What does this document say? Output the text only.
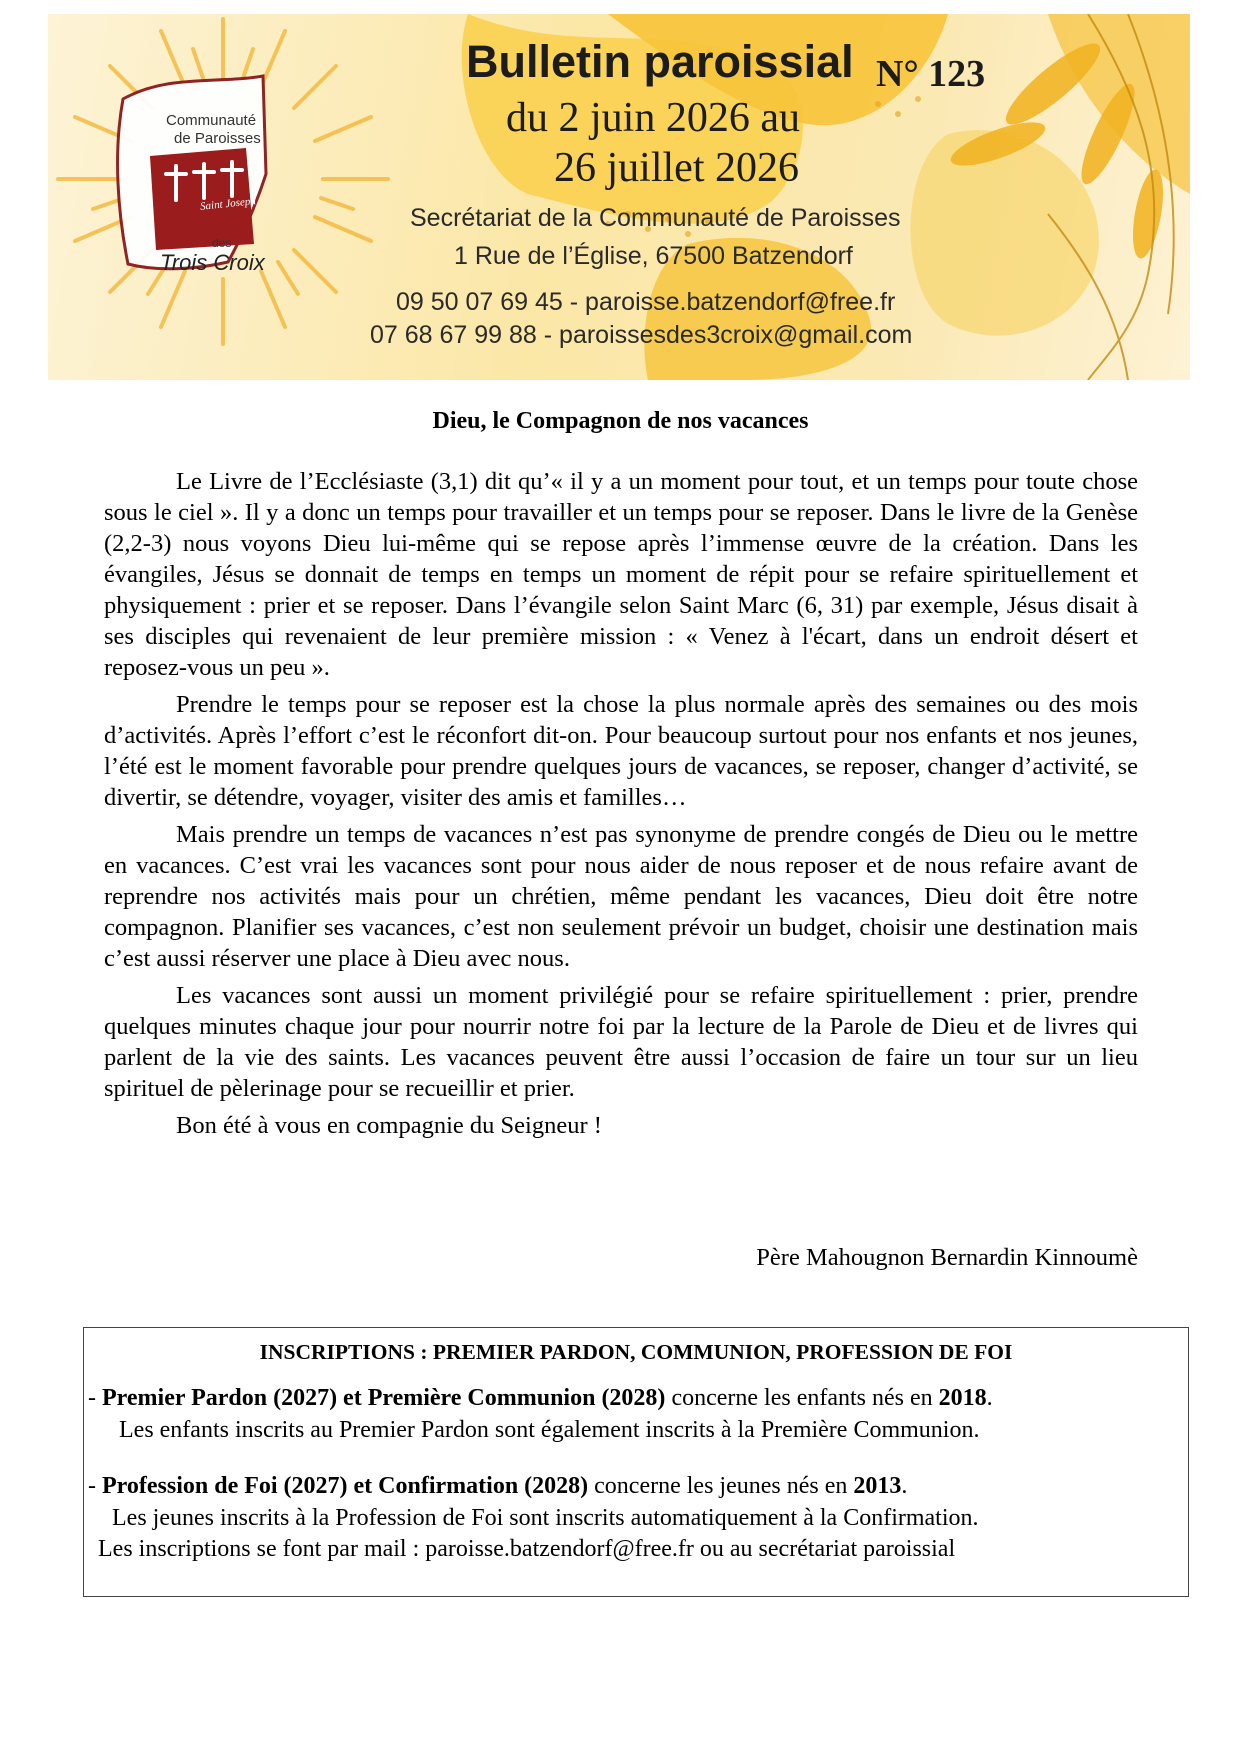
Bulletin paroissial N° 123
du 2 juin 2026 au
26 juillet 2026
Secrétariat de la Communauté de Paroisses
1 Rue de l’Église, 67500 Batzendorf
09 50 07 69 45 - paroisse.batzendorf@free.fr
07 68 67 99 88 - paroissesdes3croix@gmail.com
Communauté
de Paroisses
Saint Joseph
des
Trois Croix
Dieu, le Compagnon de nos vacances

Le Livre de l’Ecclésiaste (3,1) dit qu’« il y a un moment pour tout, et un temps pour toute chose sous le ciel ». Il y a donc un temps pour travailler et un temps pour se reposer. Dans le livre de la Genèse (2,2-3) nous voyons Dieu lui-même qui se repose après l’immense œuvre de la création. Dans les évangiles, Jésus se donnait de temps en temps un moment de répit pour se refaire spirituellement et physiquement : prier et se reposer. Dans l’évangile selon Saint Marc (6, 31) par exemple, Jésus disait à ses disciples qui revenaient de leur première mission : « Venez à l'écart, dans un endroit désert et reposez-vous un peu ».

Prendre le temps pour se reposer est la chose la plus normale après des semaines ou des mois d’activités. Après l’effort c’est le réconfort dit-on. Pour beaucoup surtout pour nos enfants et nos jeunes, l’été est le moment favorable pour prendre quelques jours de vacances, se reposer, changer d’activité, se divertir, se détendre, voyager, visiter des amis et familles…

Mais prendre un temps de vacances n’est pas synonyme de prendre congés de Dieu ou le mettre en vacances. C’est vrai les vacances sont pour nous aider de nous reposer et de nous refaire avant de reprendre nos activités mais pour un chrétien, même pendant les vacances, Dieu doit être notre compagnon. Planifier ses vacances, c’est non seulement prévoir un budget, choisir une destination mais c’est aussi réserver une place à Dieu avec nous.

Les vacances sont aussi un moment privilégié pour se refaire spirituellement : prier, prendre quelques minutes chaque jour pour nourrir notre foi par la lecture de la Parole de Dieu et de livres qui parlent de la vie des saints. Les vacances peuvent être aussi l’occasion de faire un tour sur un lieu spirituel de pèlerinage pour se recueillir et prier.

Bon été à vous en compagnie du Seigneur !

Père Mahougnon Bernardin Kinnoumè
INSCRIPTIONS : PREMIER PARDON, COMMUNION, PROFESSION DE FOI
- Premier Pardon (2027) et Première Communion (2028) concerne les enfants nés en 2018.
Les enfants inscrits au Premier Pardon sont également inscrits à la Première Communion.
- Profession de Foi (2027) et Confirmation (2028) concerne les jeunes nés en 2013.
Les jeunes inscrits à la Profession de Foi sont inscrits automatiquement à la Confirmation.
Les inscriptions se font par mail : paroisse.batzendorf@free.fr ou au secrétariat paroissial
